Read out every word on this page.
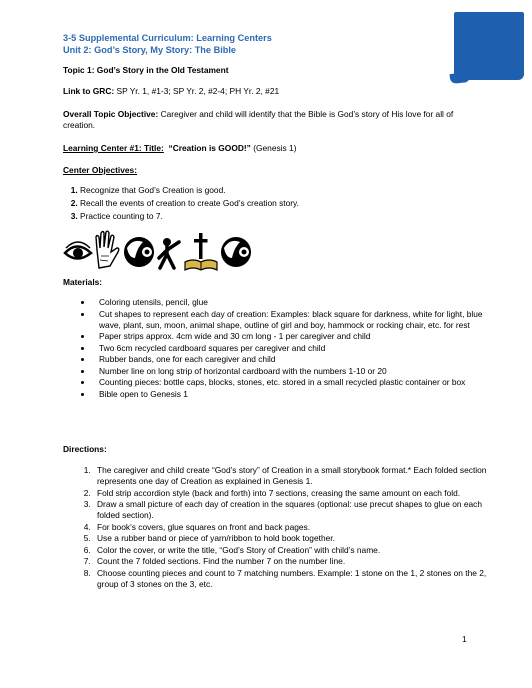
3-5 Supplemental Curriculum: Learning Centers
Unit 2: God’s Story, My Story: The Bible
Topic 1: God’s Story in the Old Testament
Link to GRC: SP Yr. 1, #1-3; SP Yr. 2, #2-4; PH Yr. 2, #21
Overall Topic Objective: Caregiver and child will identify that the Bible is God’s story of His love for all of creation.
Learning Center #1: Title: “Creation is GOOD!” (Genesis 1)
Center Objectives:
1. Recognize that God’s Creation is good.
2. Recall the events of creation to create God’s creation story.
3. Practice counting to 7.
Materials:
• Coloring utensils, pencil, glue
• Cut shapes to represent each day of creation: Examples: black square for darkness, white for light, blue wave, plant, sun, moon, animal shape, outline of girl and boy, hammock or rocking chair, etc. for rest
• Paper strips approx. 4cm wide and 30 cm long - 1 per caregiver and child
• Two 6cm recycled cardboard squares per caregiver and child
• Rubber bands, one for each caregiver and child
• Number line on long strip of horizontal cardboard with the numbers 1-10 or 20
• Counting pieces: bottle caps, blocks, stones, etc. stored in a small recycled plastic container or box
• Bible open to Genesis 1
Directions:
1. The caregiver and child create “God’s story” of Creation in a small storybook format.* Each folded section represents one day of Creation as explained in Genesis 1.
2. Fold strip accordion style (back and forth) into 7 sections, creasing the same amount on each fold.
3. Draw a small picture of each day of creation in the squares (optional: use precut shapes to glue on each folded section).
4. For book’s covers, glue squares on front and back pages.
5. Use a rubber band or piece of yarn/ribbon to hold book together.
6. Color the cover, or write the title, “God’s Story of Creation” with child’s name.
7. Count the 7 folded sections. Find the number 7 on the number line.
8. Choose counting pieces and count to 7 matching numbers. Example: 1 stone on the 1, 2 stones on the 2, group of 3 stones on the 3, etc.
1
